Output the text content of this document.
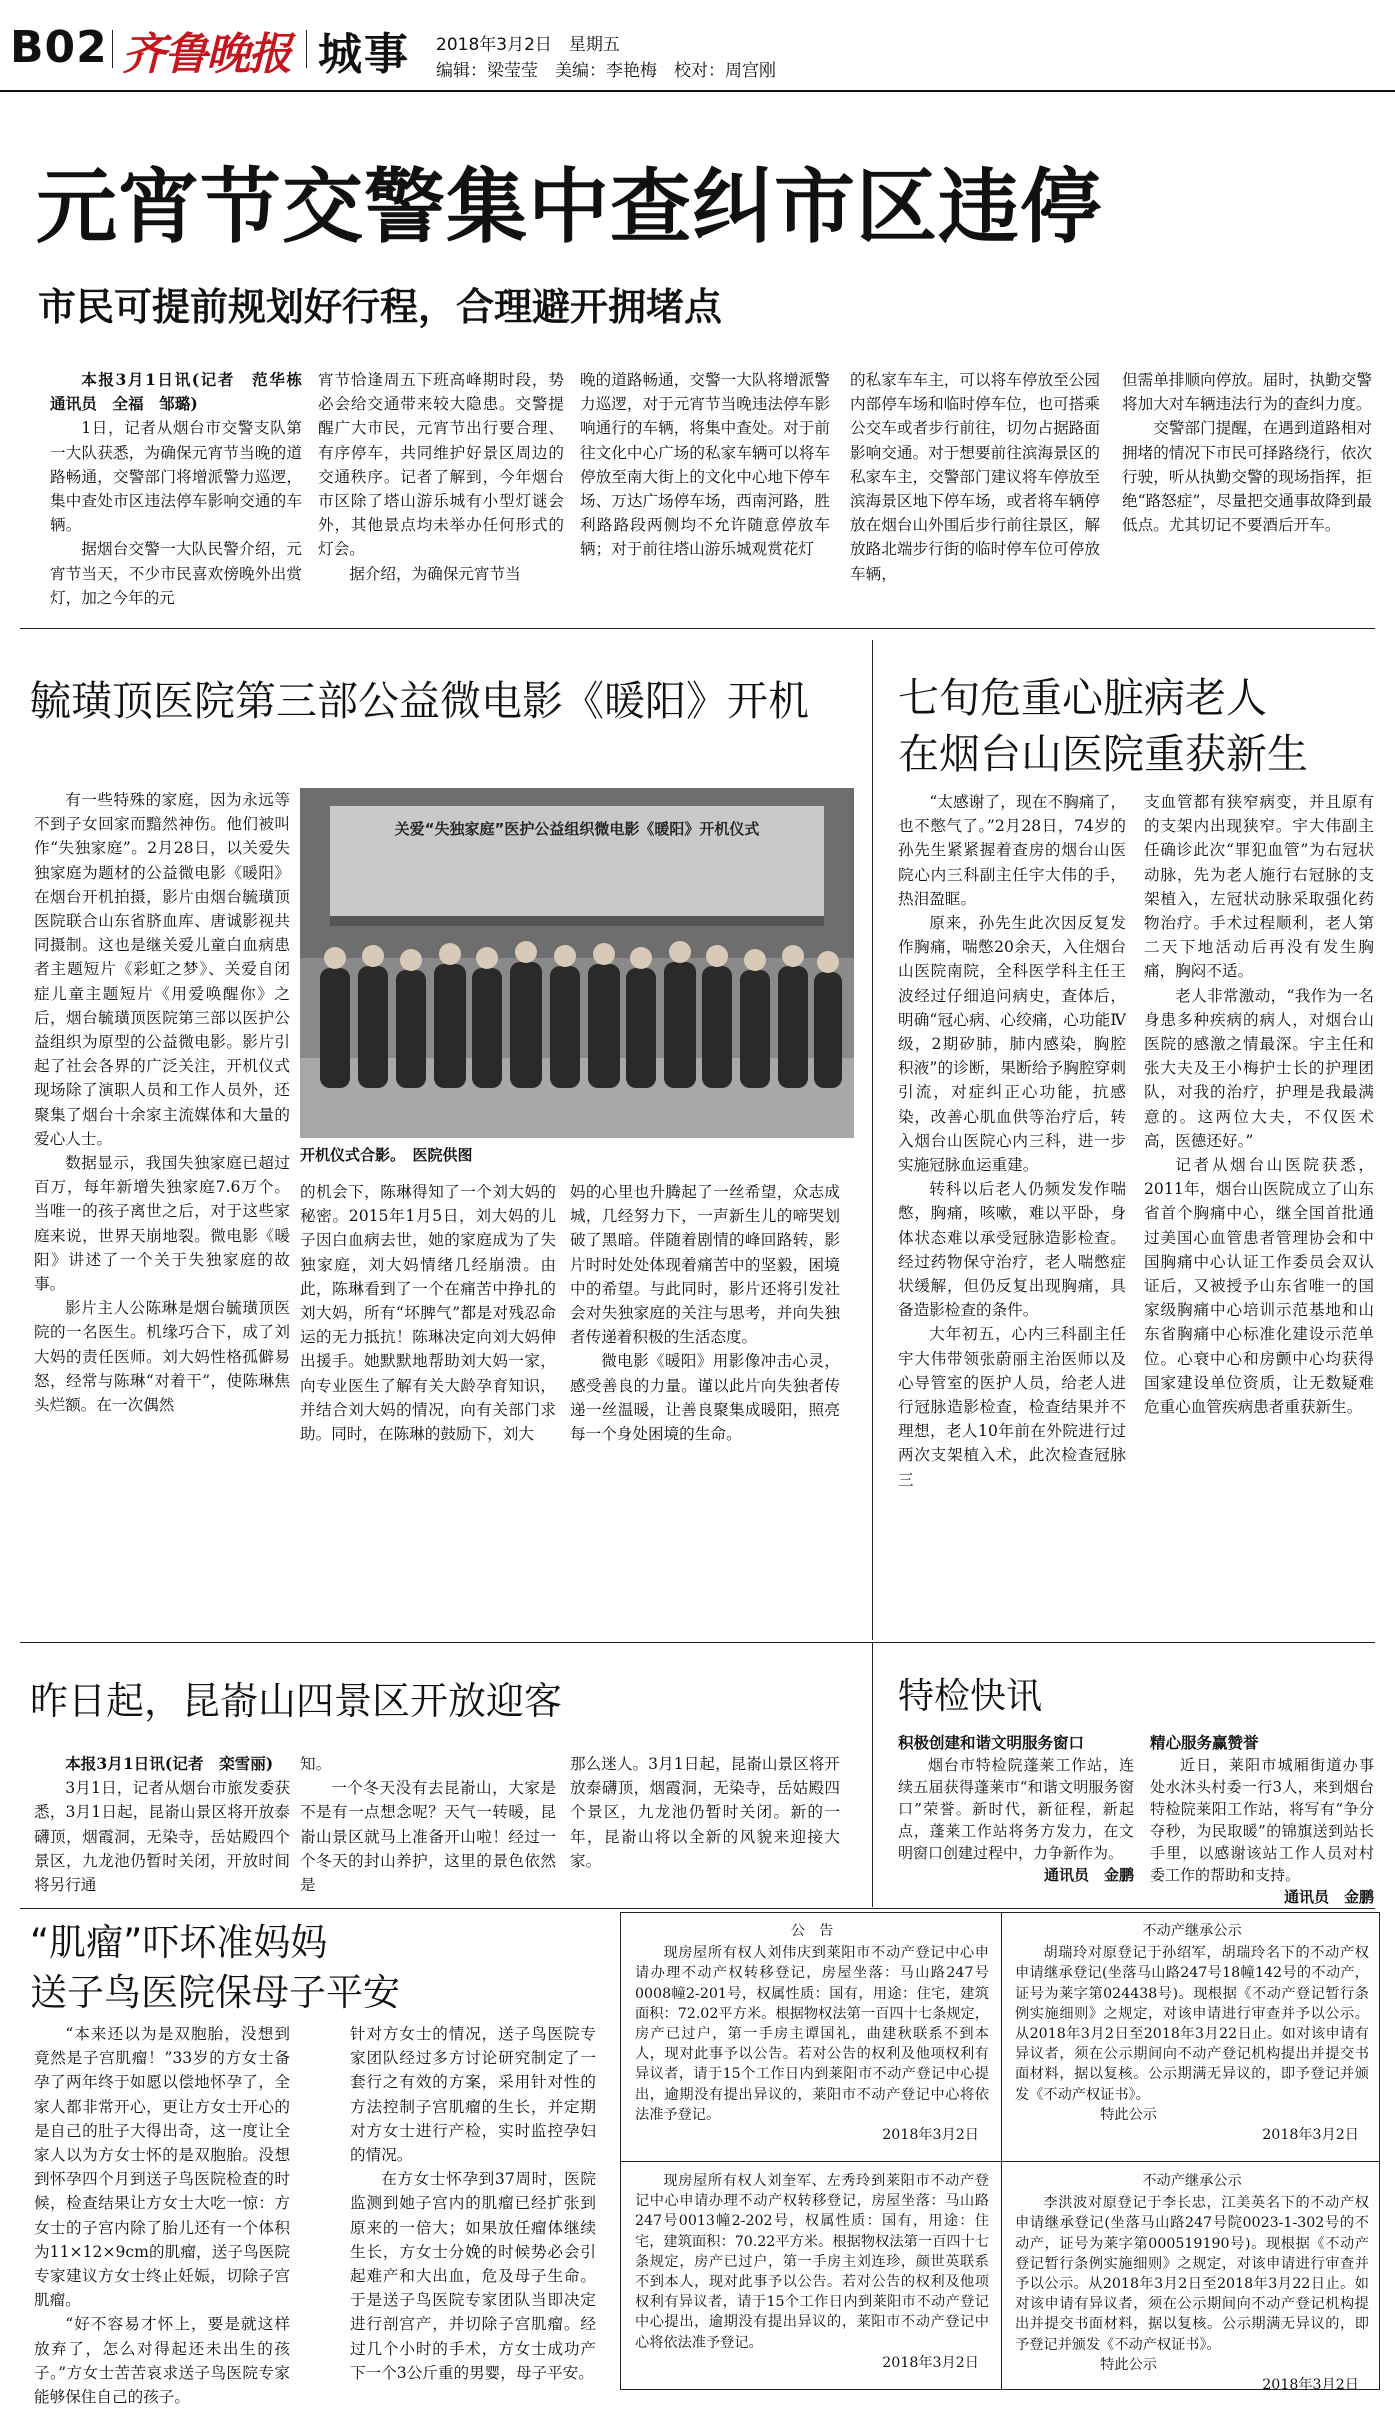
B02 齐鲁晚报 城事 2018年3月2日　 星期五
编辑：梁莹莹　 美编：李艳梅　 校对：周宫刚
元宵节交警集中查纠市区违停
市民可提前规划好行程，合理避开拥堵点

本报3月1日讯(记者　范华栋　通讯员　全福　邹璐)

1日，记者从烟台市交警支队第一大队获悉，为确保元宵节当晚的道路畅通，交警部门将增派警力巡逻，集中查处市区违法停车影响交通的车辆。

据烟台交警一大队民警介绍，元宵节当天，不少市民喜欢傍晚外出赏灯，加之今年的元

宵节恰逢周五下班高峰期时段，势必会给交通带来较大隐患。交警提醒广大市民，元宵节出行要合理、有序停车，共同维护好景区周边的交通秩序。记者了解到，今年烟台市区除了塔山游乐城有小型灯谜会外，其他景点均未举办任何形式的灯会。

据介绍，为确保元宵节当

晚的道路畅通，交警一大队将增派警力巡逻，对于元宵节当晚违法停车影响通行的车辆，将集中查处。对于前往文化中心广场的私家车辆可以将车停放至南大街上的文化中心地下停车场、万达广场停车场，西南河路，胜利路路段两侧均不允许随意停放车辆；对于前往塔山游乐城观赏花灯

的私家车车主，可以将车停放至公园内部停车场和临时停车位，也可搭乘公交车或者步行前往，切勿占据路面影响交通。对于想要前往滨海景区的私家车主，交警部门建议将车停放至滨海景区地下停车场，或者将车辆停放在烟台山外围后步行前往景区，解放路北端步行街的临时停车位可停放车辆，

但需单排顺向停放。届时，执勤交警将加大对车辆违法行为的查纠力度。

交警部门提醒，在遇到道路相对拥堵的情况下市民可择路绕行，依次行驶，听从执勤交警的现场指挥，拒绝“路怒症”，尽量把交通事故降到最低点。尤其切记不要酒后开车。

毓璜顶医院第三部公益微电影《暖阳》开机

有一些特殊的家庭，因为永远等不到子女回家而黯然神伤。他们被叫作“失独家庭”。2月28日，以关爱失独家庭为题材的公益微电影《暖阳》在烟台开机拍摄，影片由烟台毓璜顶医院联合山东省脐血库、唐诚影视共同摄制。这也是继关爱儿童白血病患者主题短片《彩虹之梦》、关爱自闭症儿童主题短片《用爱唤醒你》之后，烟台毓璜顶医院第三部以医护公益组织为原型的公益微电影。影片引起了社会各界的广泛关注，开机仪式现场除了演职人员和工作人员外，还聚集了烟台十余家主流媒体和大量的爱心人士。

数据显示，我国失独家庭已超过百万，每年新增失独家庭7.6万个。当唯一的孩子离世之后，对于这些家庭来说，世界天崩地裂。微电影《暖阳》讲述了一个关于失独家庭的故事。

影片主人公陈琳是烟台毓璜顶医院的一名医生。机缘巧合下，成了刘大妈的责任医师。刘大妈性格孤僻易怒，经常与陈琳“对着干”，使陈琳焦头烂额。在一次偶然

关爱“失独家庭”医护公益组织微电影《暖阳》开机仪式
开机仪式合影。　医院供图

的机会下，陈琳得知了一个刘大妈的秘密。2015年1月5日，刘大妈的儿子因白血病去世，她的家庭成为了失独家庭，刘大妈情绪几经崩溃。由此，陈琳看到了一个在痛苦中挣扎的刘大妈，所有“坏脾气”都是对残忍命运的无力抵抗！陈琳决定向刘大妈伸出援手。她默默地帮助刘大妈一家，向专业医生了解有关大龄孕育知识，并结合刘大妈的情况，向有关部门求助。同时，在陈琳的鼓励下，刘大

妈的心里也升腾起了一丝希望，众志成城，几经努力下，一声新生儿的啼哭划破了黑暗。伴随着剧情的峰回路转，影片时时处处体现着痛苦中的坚毅，困境中的希望。与此同时，影片还将引发社会对失独家庭的关注与思考，并向失独者传递着积极的生活态度。

微电影《暖阳》用影像冲击心灵，感受善良的力量。谨以此片向失独者传递一丝温暖，让善良聚集成暖阳，照亮每一个身处困境的生命。

七旬危重心脏病老人
在烟台山医院重获新生

“太感谢了，现在不胸痛了，也不憋气了。”2月28日，74岁的孙先生紧紧握着查房的烟台山医院心内三科副主任宇大伟的手，热泪盈眶。

原来，孙先生此次因反复发作胸痛，喘憋20余天，入住烟台山医院南院，全科医学科主任王波经过仔细追问病史，查体后，明确“冠心病、心绞痛，心功能Ⅳ级，2期矽肺，肺内感染，胸腔积液”的诊断，果断给予胸腔穿刺引流，对症纠正心功能，抗感染，改善心肌血供等治疗后，转入烟台山医院心内三科，进一步实施冠脉血运重建。

转科以后老人仍频发发作喘憋，胸痛，咳嗽，难以平卧，身体状态难以承受冠脉造影检查。经过药物保守治疗，老人喘憋症状缓解，但仍反复出现胸痛，具备造影检查的条件。

大年初五，心内三科副主任宇大伟带领张蔚丽主治医师以及心导管室的医护人员，给老人进行冠脉造影检查，检查结果并不理想，老人10年前在外院进行过两次支架植入术，此次检查冠脉三

支血管都有狭窄病变，并且原有的支架内出现狭窄。宇大伟副主任确诊此次“罪犯血管”为右冠状动脉，先为老人施行右冠脉的支架植入，左冠状动脉采取强化药物治疗。手术过程顺利，老人第二天下地活动后再没有发生胸痛，胸闷不适。

老人非常激动，“我作为一名身患多种疾病的病人，对烟台山医院的感激之情最深。宇主任和张大夫及王小梅护士长的护理团队，对我的治疗，护理是我最满意的。这两位大夫，不仅医术高，医德还好。”

记者从烟台山医院获悉，2011年，烟台山医院成立了山东省首个胸痛中心，继全国首批通过美国心血管患者管理协会和中国胸痛中心认证工作委员会双认证后，又被授予山东省唯一的国家级胸痛中心培训示范基地和山东省胸痛中心标准化建设示范单位。心衰中心和房颤中心均获得国家建设单位资质，让无数疑难危重心血管疾病患者重获新生。

昨日起，昆嵛山四景区开放迎客

本报3月1日讯(记者　栾雪丽)

3月1日，记者从烟台市旅发委获悉，3月1日起，昆嵛山景区将开放泰礴顶，烟霞洞，无染寺，岳姑殿四个景区，九龙池仍暂时关闭，开放时间将另行通

知。

一个冬天没有去昆嵛山，大家是不是有一点想念呢？天气一转暖，昆嵛山景区就马上准备开山啦！经过一个冬天的封山养护，这里的景色依然是

那么迷人。3月1日起，昆嵛山景区将开放泰礴顶，烟霞洞，无染寺，岳姑殿四个景区，九龙池仍暂时关闭。新的一年，昆嵛山将以全新的风貌来迎接大家。

特检快讯
积极创建和谐文明服务窗口

烟台市特检院蓬莱工作站，连续五届获得蓬莱市“和谐文明服务窗口”荣誉。新时代，新征程，新起点，蓬莱工作站将务方发力，在文明窗口创建过程中，力争新作为。

通讯员　金鹏
精心服务赢赞誉

近日，莱阳市城厢街道办事处水沐头村委一行3人，来到烟台特检院莱阳工作站，将写有“争分夺秒，为民取暖”的锦旗送到站长手里，以感谢该站工作人员对村委工作的帮助和支持。

通讯员　金鹏
“肌瘤”吓坏准妈妈
送子鸟医院保母子平安

“本来还以为是双胞胎，没想到竟然是子宫肌瘤！”33岁的方女士备孕了两年终于如愿以偿地怀孕了，全家人都非常开心，更让方女士开心的是自己的肚子大得出奇，这一度让全家人以为方女士怀的是双胞胎。没想到怀孕四个月到送子鸟医院检查的时候，检查结果让方女士大吃一惊：方女士的子宫内除了胎儿还有一个体积为11×12×9cm的肌瘤，送子鸟医院专家建议方女士终止妊娠，切除子宫肌瘤。

“好不容易才怀上，要是就这样放弃了，怎么对得起还未出生的孩子。”方女士苦苦哀求送子鸟医院专家能够保住自己的孩子。

针对方女士的情况，送子鸟医院专家团队经过多方讨论研究制定了一套行之有效的方案，采用针对性的方法控制子宫肌瘤的生长，并定期对方女士进行产检，实时监控孕妇的情况。

在方女士怀孕到37周时，医院监测到她子宫内的肌瘤已经扩张到原来的一倍大；如果放任瘤体继续生长，方女士分娩的时候势必会引起难产和大出血，危及母子生命。于是送子鸟医院专家团队当即决定进行剖宫产，并切除子宫肌瘤。经过几个小时的手术，方女士成功产下一个3公斤重的男婴，母子平安。

公　告

现房屋所有权人刘伟庆到莱阳市不动产登记中心申请办理不动产权转移登记，房屋坐落：马山路247号0008幢2-201号，权属性质：国有，用途：住宅，建筑面积：72.02平方米。根据物权法第一百四十七条规定，房产已过户，第一手房主谭国礼，曲建秋联系不到本人，现对此事予以公告。若对公告的权利及他项权利有异议者，请于15个工作日内到莱阳市不动产登记中心提出，逾期没有提出异议的，莱阳市不动产登记中心将依法准予登记。

2018年3月2日

不动产继承公示

胡瑞玲对原登记于孙绍军，胡瑞玲名下的不动产权申请继承登记(坐落马山路247号18幢142号的不动产，证号为莱字第024438号)。现根据《不动产登记暂行条例实施细则》之规定，对该申请进行审查并予以公示。从2018年3月2日至2018年3月22日止。如对该申请有异议者，须在公示期间向不动产登记机构提出并提交书面材料，据以复核。公示期满无异议的，即予登记并颁发《不动产权证书》。

特此公示

2018年3月2日

现房屋所有权人刘奎军、左秀玲到莱阳市不动产登记中心申请办理不动产权转移登记，房屋坐落：马山路247号0013幢2-202号，权属性质：国有，用途：住宅，建筑面积：70.22平方米。根据物权法第一百四十七条规定，房产已过户，第一手房主刘连珍，颜世英联系不到本人，现对此事予以公告。若对公告的权利及他项权利有异议者，请于15个工作日内到莱阳市不动产登记中心提出，逾期没有提出异议的，莱阳市不动产登记中心将依法准予登记。

2018年3月2日

不动产继承公示

李洪波对原登记于李长忠，江美英名下的不动产权申请继承登记(坐落马山路247号院0023-1-302号的不动产，证号为莱字第000519190号)。现根据《不动产登记暂行条例实施细则》之规定，对该申请进行审查并予以公示。从2018年3月2日至2018年3月22日止。如对该申请有异议者，须在公示期间向不动产登记机构提出并提交书面材料，据以复核。公示期满无异议的，即予登记并颁发《不动产权证书》。

特此公示

2018年3月2日
